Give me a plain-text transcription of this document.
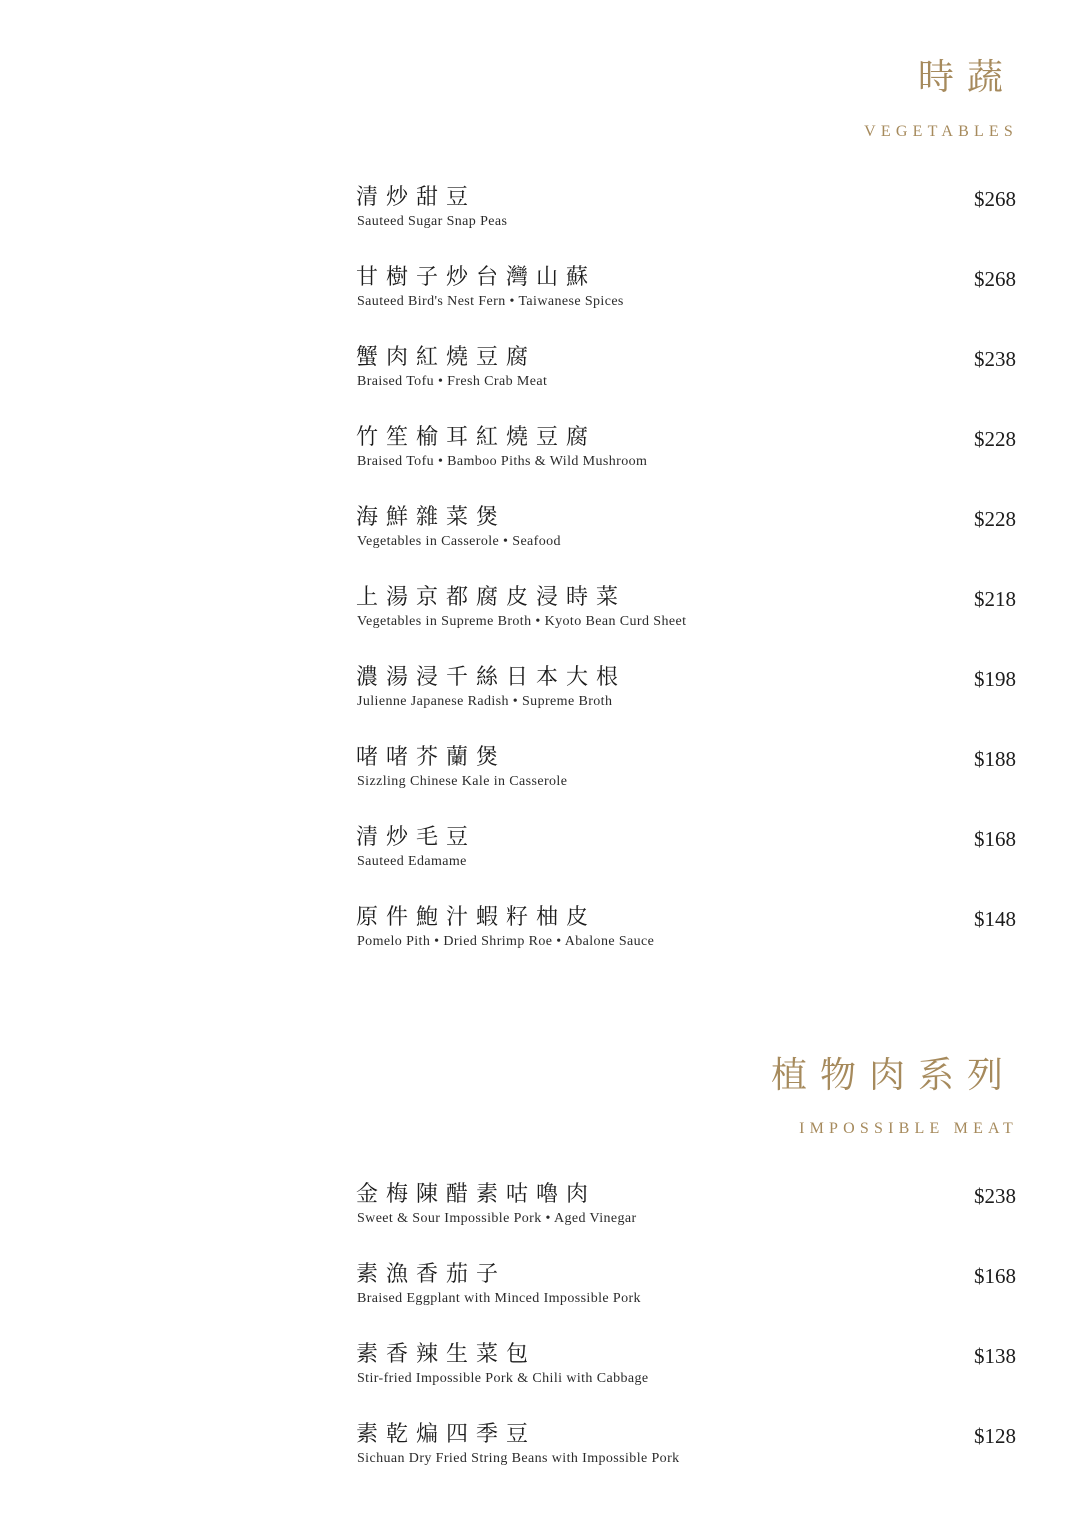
時蔬
VEGETABLES
清炒甜豆
Sauteed Sugar Snap Peas
$268
甘樹子炒台灣山蘇
Sauteed Bird's Nest Fern • Taiwanese Spices
$268
蟹肉紅燒豆腐
Braised Tofu • Fresh Crab Meat
$238
竹笙榆耳紅燒豆腐
Braised Tofu • Bamboo Piths & Wild Mushroom
$228
海鮮雜菜煲
Vegetables in Casserole • Seafood
$228
上湯京都腐皮浸時菜
Vegetables in Supreme Broth • Kyoto Bean Curd Sheet
$218
濃湯浸千絲日本大根
Julienne Japanese Radish • Supreme Broth
$198
啫啫芥蘭煲
Sizzling Chinese Kale in Casserole
$188
清炒毛豆
Sauteed Edamame
$168
原件鮑汁蝦籽柚皮
Pomelo Pith • Dried Shrimp Roe • Abalone Sauce
$148
植物肉系列
IMPOSSIBLE MEAT
金梅陳醋素咕嚕肉
Sweet & Sour Impossible Pork • Aged Vinegar
$238
素漁香茄子
Braised Eggplant with Minced Impossible Pork
$168
素香辣生菜包
Stir-fried Impossible Pork & Chili with Cabbage
$138
素乾煸四季豆
Sichuan Dry Fried String Beans with Impossible Pork
$128
